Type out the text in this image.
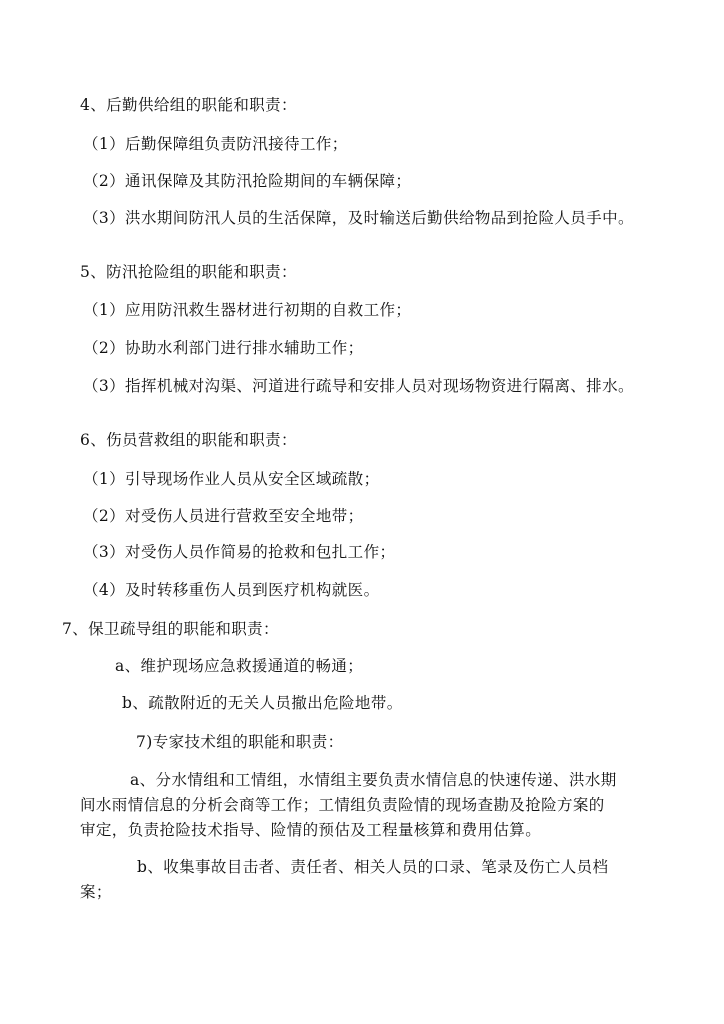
4、后勤供给组的职能和职责：
（1）后勤保障组负责防汛接待工作；
（2）通讯保障及其防汛抢险期间的车辆保障；
（3）洪水期间防汛人员的生活保障，及时输送后勤供给物品到抢险人员手中。
5、防汛抢险组的职能和职责：
（1）应用防汛救生器材进行初期的自救工作；
（2）协助水利部门进行排水辅助工作；
（3）指挥机械对沟渠、河道进行疏导和安排人员对现场物资进行隔离、排水。
6、伤员营救组的职能和职责：
（1）引导现场作业人员从安全区域疏散；
（2）对受伤人员进行营救至安全地带；
（3）对受伤人员作简易的抢救和包扎工作；
（4）及时转移重伤人员到医疗机构就医。
7、保卫疏导组的职能和职责：
a、维护现场应急救援通道的畅通；
b、疏散附近的无关人员撤出危险地带。
7)专家技术组的职能和职责：
a、分水情组和工情组，水情组主要负责水情信息的快速传递、洪水期
间水雨情信息的分析会商等工作；工情组负责险情的现场查勘及抢险方案的
审定，负责抢险技术指导、险情的预估及工程量核算和费用估算。
b、收集事故目击者、责任者、相关人员的口录、笔录及伤亡人员档
案；
